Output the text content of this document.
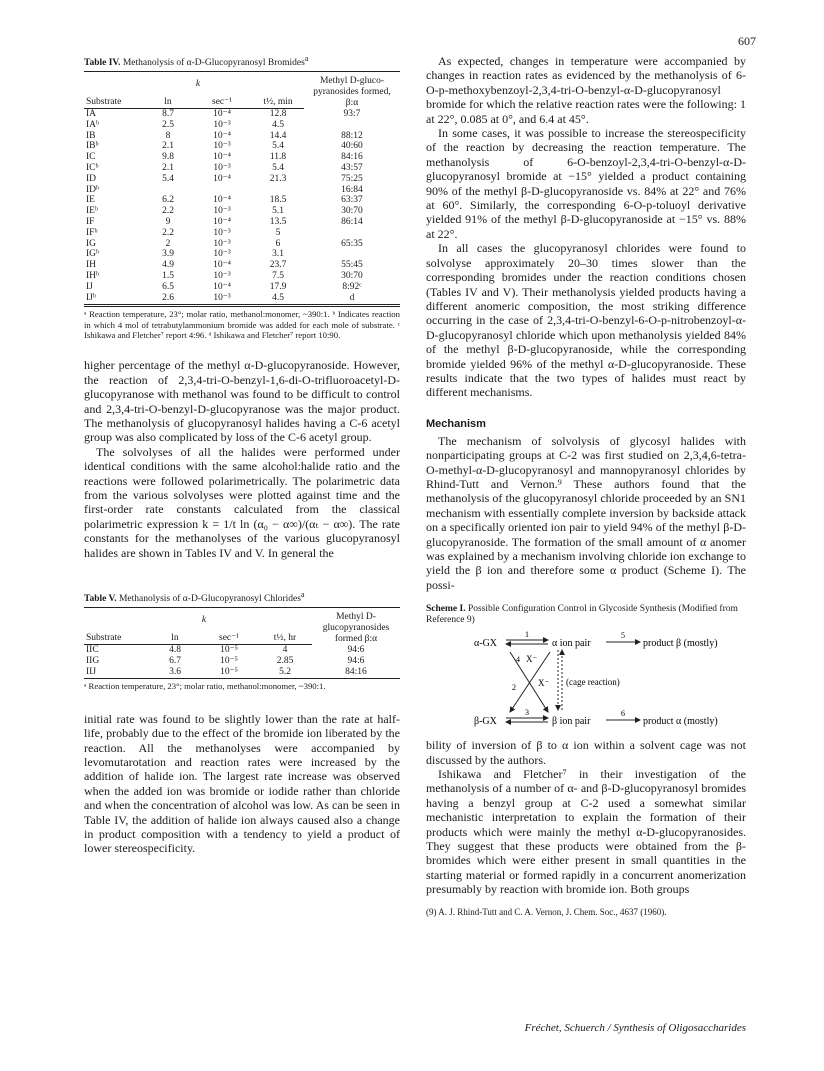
607
Table IV. Methanolysis of α-D-Glucopyranosyl Bromides$^a$
	k			Methyl D-gluco-pyranosides formed, β:α
Substrate	ln	sec⁻¹	t½, min	
IA	8.7	10⁻⁴	12.8	93:7
IAᵇ	2.5	10⁻³	4.5	
IB	8	10⁻⁴	14.4	88:12
IBᵇ	2.1	10⁻³	5.4	40:60
IC	9.8	10⁻⁴	11.8	84:16
ICᵇ	2.1	10⁻³	5.4	43:57
ID	5.4	10⁻⁴	21.3	75:25
IDᵇ				16:84
IE	6.2	10⁻⁴	18.5	63:37
IEᵇ	2.2	10⁻³	5.1	30:70
IF	9	10⁻⁴	13.5	86:14
IFᵇ	2.2	10⁻³	5	
IG	2	10⁻³	6	65:35
IGᵇ	3.9	10⁻³	3.1	
IH	4.9	10⁻⁴	23.7	55:45
IHᵇ	1.5	10⁻³	7.5	30:70
IJ	6.5	10⁻⁴	17.9	8:92ᶜ
IJᵇ	2.6	10⁻³	4.5	d
ᵃ Reaction temperature, 23°; molar ratio, methanol:monomer, ~390:1. ᵇ Indicates reaction in which 4 mol of tetrabutylammonium bromide was added for each mole of substrate. ᶜ Ishikawa and Fletcher⁷ report 4:96. ᵈ Ishikawa and Fletcher⁷ report 10:90.

higher percentage of the methyl α-D-glucopyranoside. However, the reaction of 2,3,4-tri-O-benzyl-1,6-di-O-trifluoroacetyl-D-glucopyranose with methanol was found to be difficult to control and 2,3,4-tri-O-benzyl-D-glucopyranose was the major product. The methanolysis of glucopyranosyl halides having a C-6 acetyl group was also complicated by loss of the C-6 acetyl group.

The solvolyses of all the halides were performed under identical conditions with the same alcohol:halide ratio and the reactions were followed polarimetrically. The polarimetric data from the various solvolyses were plotted against time and the first-order rate constants calculated from the classical polarimetric expression k = 1/t ln (α₀ − α∞)/(αₜ − α∞). The rate constants for the methanolyses of the various glucopyranosyl halides are shown in Tables IV and V. In general the

Table V. Methanolysis of α-D-Glucopyranosyl Chlorides$^a$
	k			Methyl D-glucopyranosides formed β:α
Substrate	ln	sec⁻¹	t½, hr	
IIC	4.8	10⁻⁵	4	94:6
IIG	6.7	10⁻⁵	2.85	94:6
IIJ	3.6	10⁻⁵	5.2	84:16
ᵃ Reaction temperature, 23°; molar ratio, methanol:monomer, ~390:1.

initial rate was found to be slightly lower than the rate at half-life, probably due to the effect of the bromide ion liberated by the reaction. All the methanolyses were accompanied by levomutarotation and reaction rates were increased by the addition of halide ion. The largest rate increase was observed when the added ion was bromide or iodide rather than chloride and when the concentration of alcohol was low. As can be seen in Table IV, the addition of halide ion always caused also a change in product composition with a tendency to yield a product of lower stereospecificity.

As expected, changes in temperature were accompanied by changes in reaction rates as evidenced by the methanolysis of 6-O-p-methoxybenzoyl-2,3,4-tri-O-benzyl-α-D-glucopyranosyl bromide for which the relative reaction rates were the following: 1 at 22°, 0.085 at 0°, and 6.4 at 45°.

In some cases, it was possible to increase the stereospecificity of the reaction by decreasing the reaction temperature. The methanolysis of 6-O-benzoyl-2,3,4-tri-O-benzyl-α-D-glucopyranosyl bromide at −15° yielded a product containing 90% of the methyl β-D-glucopyranoside vs. 84% at 22° and 76% at 60°. Similarly, the corresponding 6-O-p-toluoyl derivative yielded 91% of the methyl β-D-glucopyranoside at −15° vs. 88% at 22°.

In all cases the glucopyranosyl chlorides were found to solvolyse approximately 20–30 times slower than the corresponding bromides under the reaction conditions chosen (Tables IV and V). Their methanolysis yielded products having a different anomeric composition, the most striking difference occurring in the case of 2,3,4-tri-O-benzyl-6-O-p-nitrobenzoyl-α-D-glucopyranosyl chloride which upon methanolysis yielded 84% of the methyl β-D-glucopyranoside, while the corresponding bromide yielded 96% of the methyl α-D-glucopyranoside. These results indicate that the two types of halides must react by different mechanisms.

Mechanism

The mechanism of solvolysis of glycosyl halides with nonparticipating groups at C-2 was first studied on 2,3,4,6-tetra-O-methyl-α-D-glucopyranosyl and mannopyranosyl chlorides by Rhind-Tutt and Vernon.⁹ These authors found that the methanolysis of the glucopyranosyl chloride proceeded by an SN1 mechanism with essentially complete inversion by backside attack on a specifically oriented ion pair to yield 94% of the methyl β-D-glucopyranoside. The formation of the small amount of α anomer was explained by a mechanism involving chloride ion exchange to yield the β ion and therefore some α product (Scheme I). The possi-

Scheme I. Possible Configuration Control in Glycoside Synthesis (Modified from Reference 9)
α-GX
1
α ion pair
5
product β (mostly)
4 X⁻
2 X⁻ (cage reaction)
β-GX
3
β ion pair
6
product α (mostly)

bility of inversion of β to α ion within a solvent cage was not discussed by the authors.

Ishikawa and Fletcher⁷ in their investigation of the methanolysis of a number of α- and β-D-glucopyranosyl bromides having a benzyl group at C-2 used a somewhat similar mechanistic interpretation to explain the formation of their products which were mainly the methyl α-D-glucopyranosides. They suggest that these products were obtained from the β-bromides which were either present in small quantities in the starting material or formed rapidly in a concurrent anomerization presumably by reaction with bromide ion. Both groups

(9) A. J. Rhind-Tutt and C. A. Vernon, J. Chem. Soc., 4637 (1960).
Fréchet, Schuerch / Synthesis of Oligosaccharides
